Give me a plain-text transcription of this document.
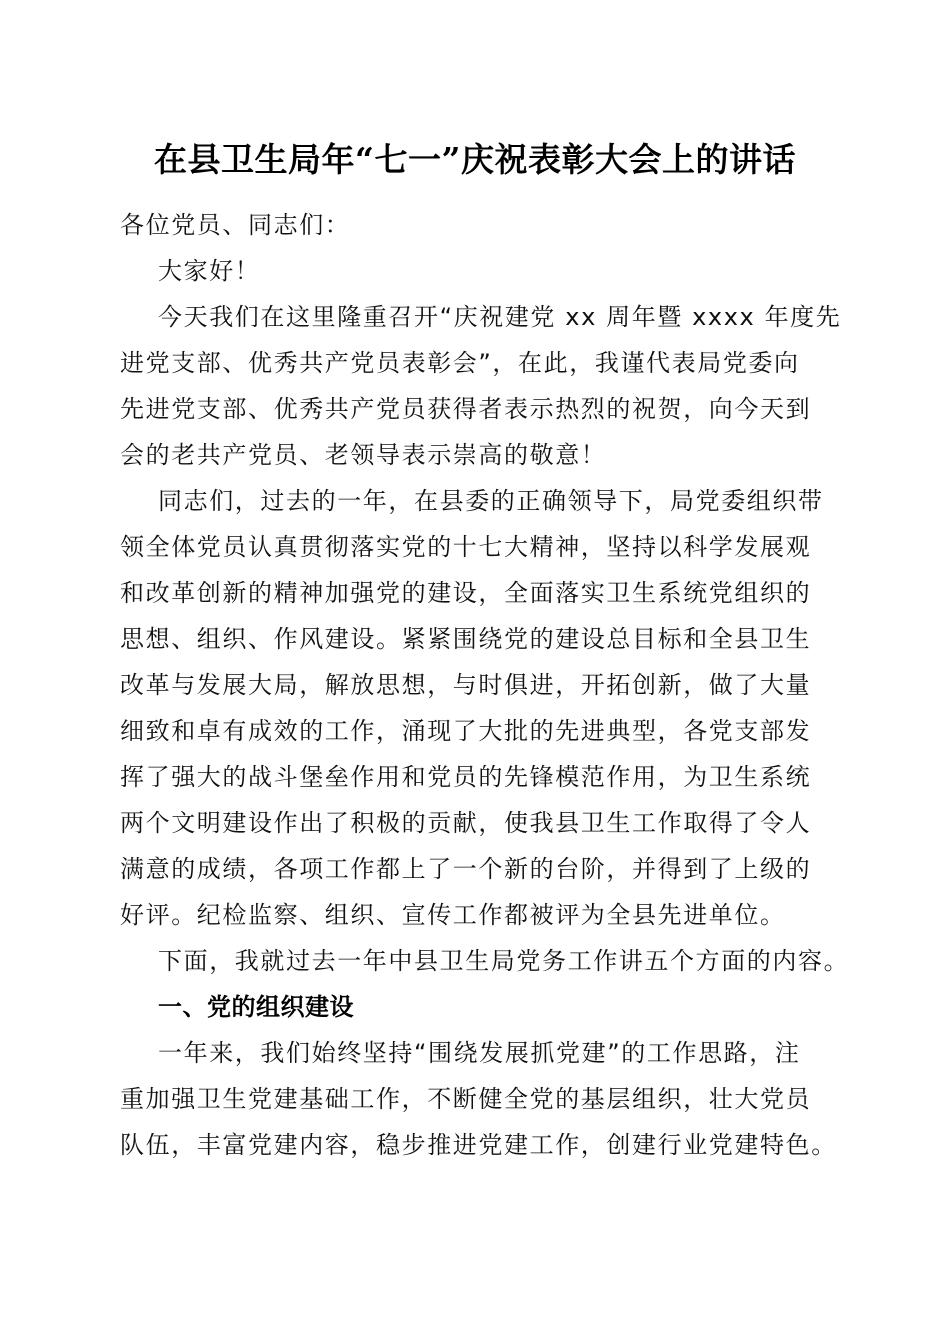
在县卫生局年“七一”庆祝表彰大会上的讲话
各位党员、同志们：
大家好！
今天我们在这里隆重召开“庆祝建党 xx 周年暨 xxxx 年度先
进党支部、优秀共产党员表彰会”，在此，我谨代表局党委向
先进党支部、优秀共产党员获得者表示热烈的祝贺，向今天到
会的老共产党员、老领导表示崇高的敬意！
同志们，过去的一年，在县委的正确领导下，局党委组织带
领全体党员认真贯彻落实党的十七大精神，坚持以科学发展观
和改革创新的精神加强党的建设，全面落实卫生系统党组织的
思想、组织、作风建设。紧紧围绕党的建设总目标和全县卫生
改革与发展大局，解放思想，与时俱进，开拓创新，做了大量
细致和卓有成效的工作，涌现了大批的先进典型，各党支部发
挥了强大的战斗堡垒作用和党员的先锋模范作用，为卫生系统
两个文明建设作出了积极的贡献，使我县卫生工作取得了令人
满意的成绩，各项工作都上了一个新的台阶，并得到了上级的
好评。纪检监察、组织、宣传工作都被评为全县先进单位。
下面，我就过去一年中县卫生局党务工作讲五个方面的内容。
一、党的组织建设
一年来，我们始终坚持“围绕发展抓党建”的工作思路，注
重加强卫生党建基础工作，不断健全党的基层组织，壮大党员
队伍，丰富党建内容，稳步推进党建工作，创建行业党建特色。
